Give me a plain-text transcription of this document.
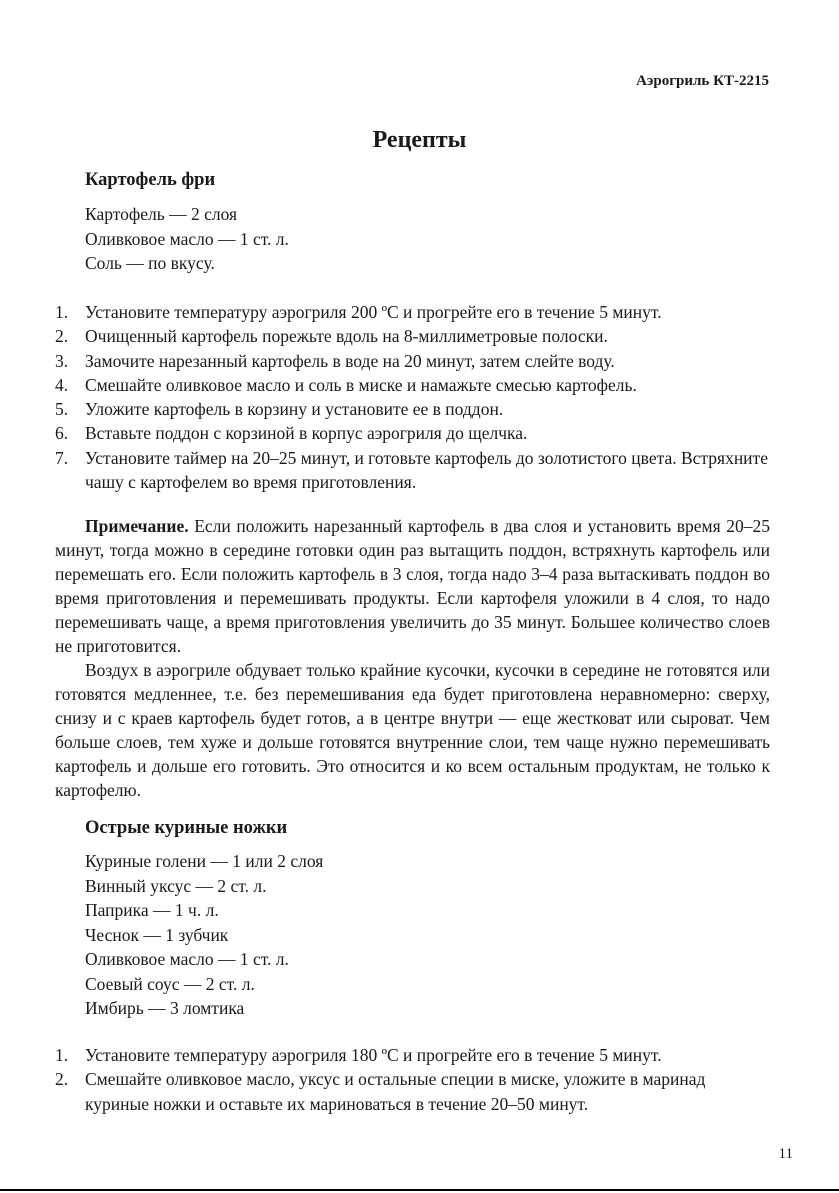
Аэрогриль КТ-2215
Рецепты
Картофель фри
Картофель — 2 слоя
Оливковое масло — 1 ст. л.
Соль — по вкусу.
1. Установите температуру аэрогриля 200 ºС и прогрейте его в течение 5 минут.
2. Очищенный картофель порежьте вдоль на 8-миллиметровые полоски.
3. Замочите нарезанный картофель в воде на 20 минут, затем слейте воду.
4. Смешайте оливковое масло и соль в миске и намажьте смесью картофель.
5. Уложите картофель в корзину и установите ее в поддон.
6. Вставьте поддон с корзиной в корпус аэрогриля до щелчка.
7. Установите таймер на 20–25 минут, и готовьте картофель до золотистого цвета. Встряхните чашу с картофелем во время приготовления.

Примечание. Если положить нарезанный картофель в два слоя и установить время 20–25 минут, тогда можно в середине готовки один раз вытащить поддон, встряхнуть картофель или перемешать его. Если положить картофель в 3 слоя, тогда надо 3–4 раза вытаскивать поддон во время приготовления и перемешивать продукты. Если картофеля уложили в 4 слоя, то надо перемешивать чаще, а время приготовления увеличить до 35 минут. Большее количество слоев не приготовится.

Воздух в аэрогриле обдувает только крайние кусочки, кусочки в середине не готовятся или готовятся медленнее, т.е. без перемешивания еда будет приготовлена неравномерно: сверху, снизу и с краев картофель будет готов, а в центре внутри — еще жестковат или сыроват. Чем больше слоев, тем хуже и дольше готовятся внутренние слои, тем чаще нужно перемешивать картофель и дольше его готовить. Это относится и ко всем остальным продуктам, не только к картофелю.

Острые куриные ножки
Куриные голени — 1 или 2 слоя
Винный уксус — 2 ст. л.
Паприка — 1 ч. л.
Чеснок — 1 зубчик
Оливковое масло — 1 ст. л.
Соевый соус — 2 ст. л.
Имбирь — 3 ломтика
1. Установите температуру аэрогриля 180 ºС и прогрейте его в течение 5 минут.
2. Смешайте оливковое масло, уксус и остальные специи в миске, уложите в маринад куриные ножки и оставьте их мариноваться в течение 20–50 минут.
11
